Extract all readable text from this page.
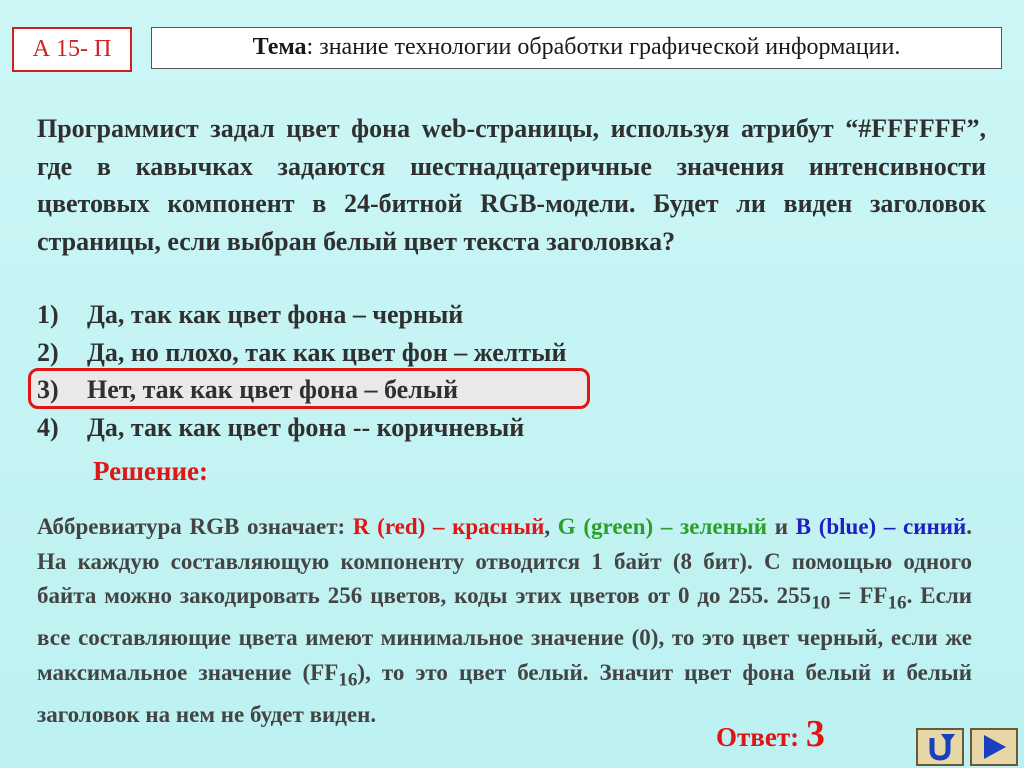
А 15- П	Тема: знание технологии обработки графической информации.
Программист задал цвет фона web-страницы, используя атрибут “#FFFFFF”, где в кавычках задаются шестнадцатеричные значения интенсивности цветовых компонент в 24-битной RGB-модели. Будет ли виден заголовок страницы, если выбран белый цвет текста заголовка?
1) Да, так как цвет фона – черный
2) Да, но плохо, так как цвет фон – желтый
3) Нет, так как цвет фона – белый
4) Да, так как цвет фона -- коричневый
Решение:
Аббревиатура RGB означает: R (red) – красный, G (green) – зеленый и B (blue) – синий. На каждую составляющую компоненту отводится 1 байт (8 бит). С помощью одного байта можно закодировать 256 цветов, коды этих цветов от 0 до 255. $255_{10} = FF_{16}$. Если все составляющие цвета имеют минимальное значение (0), то это цвет черный, если же максимальное значение $(FF_{16})$, то это цвет белый. Значит цвет фона белый и белый заголовок на нем не будет виден.
Ответ: 3
